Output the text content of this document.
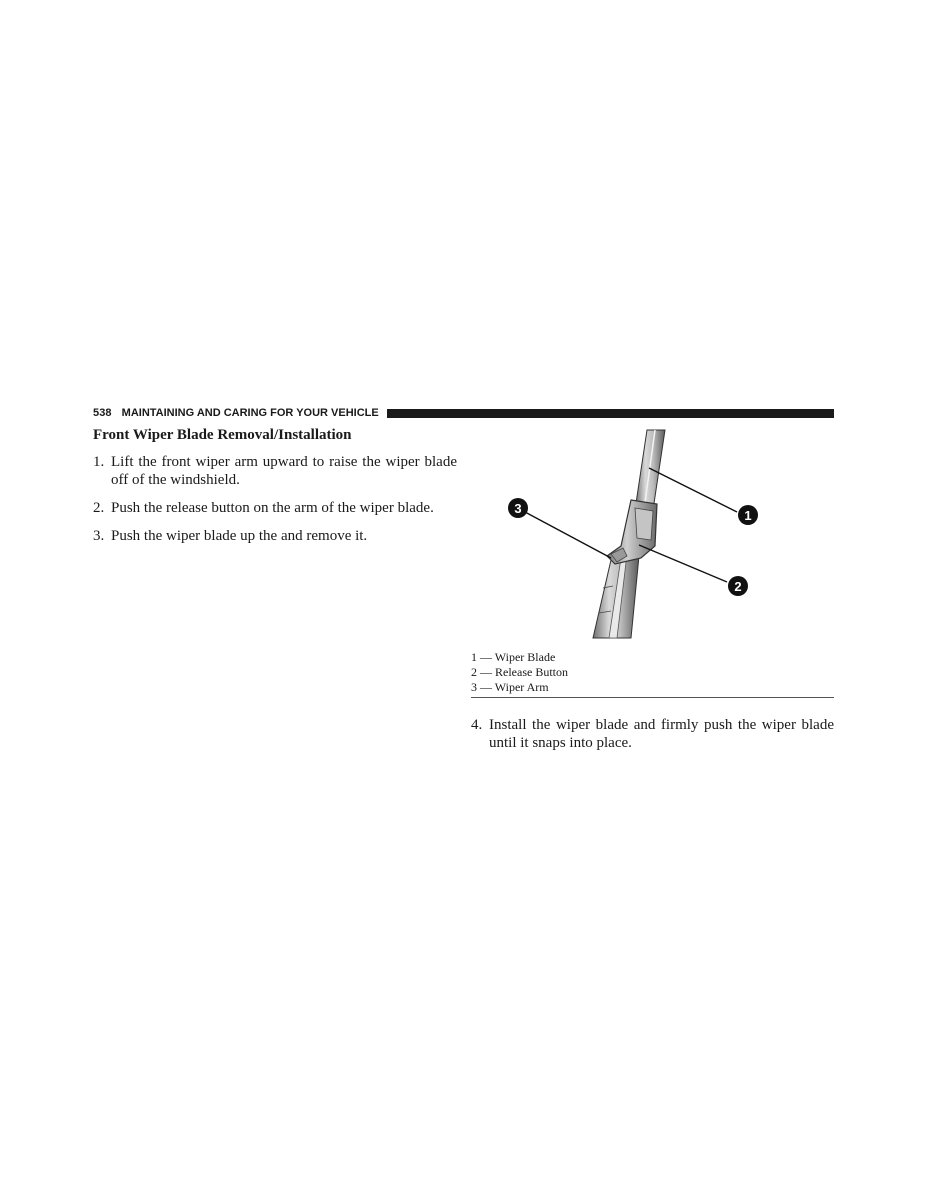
538 MAINTAINING AND CARING FOR YOUR VEHICLE
Front Wiper Blade Removal/Installation
1. Lift the front wiper arm upward to raise the wiper blade off of the windshield.
2. Push the release button on the arm of the wiper blade.
3. Push the wiper blade up the and remove it.
1
2
3
1 — Wiper Blade
2 — Release Button
3 — Wiper Arm
4. Install the wiper blade and firmly push the wiper blade until it snaps into place.
